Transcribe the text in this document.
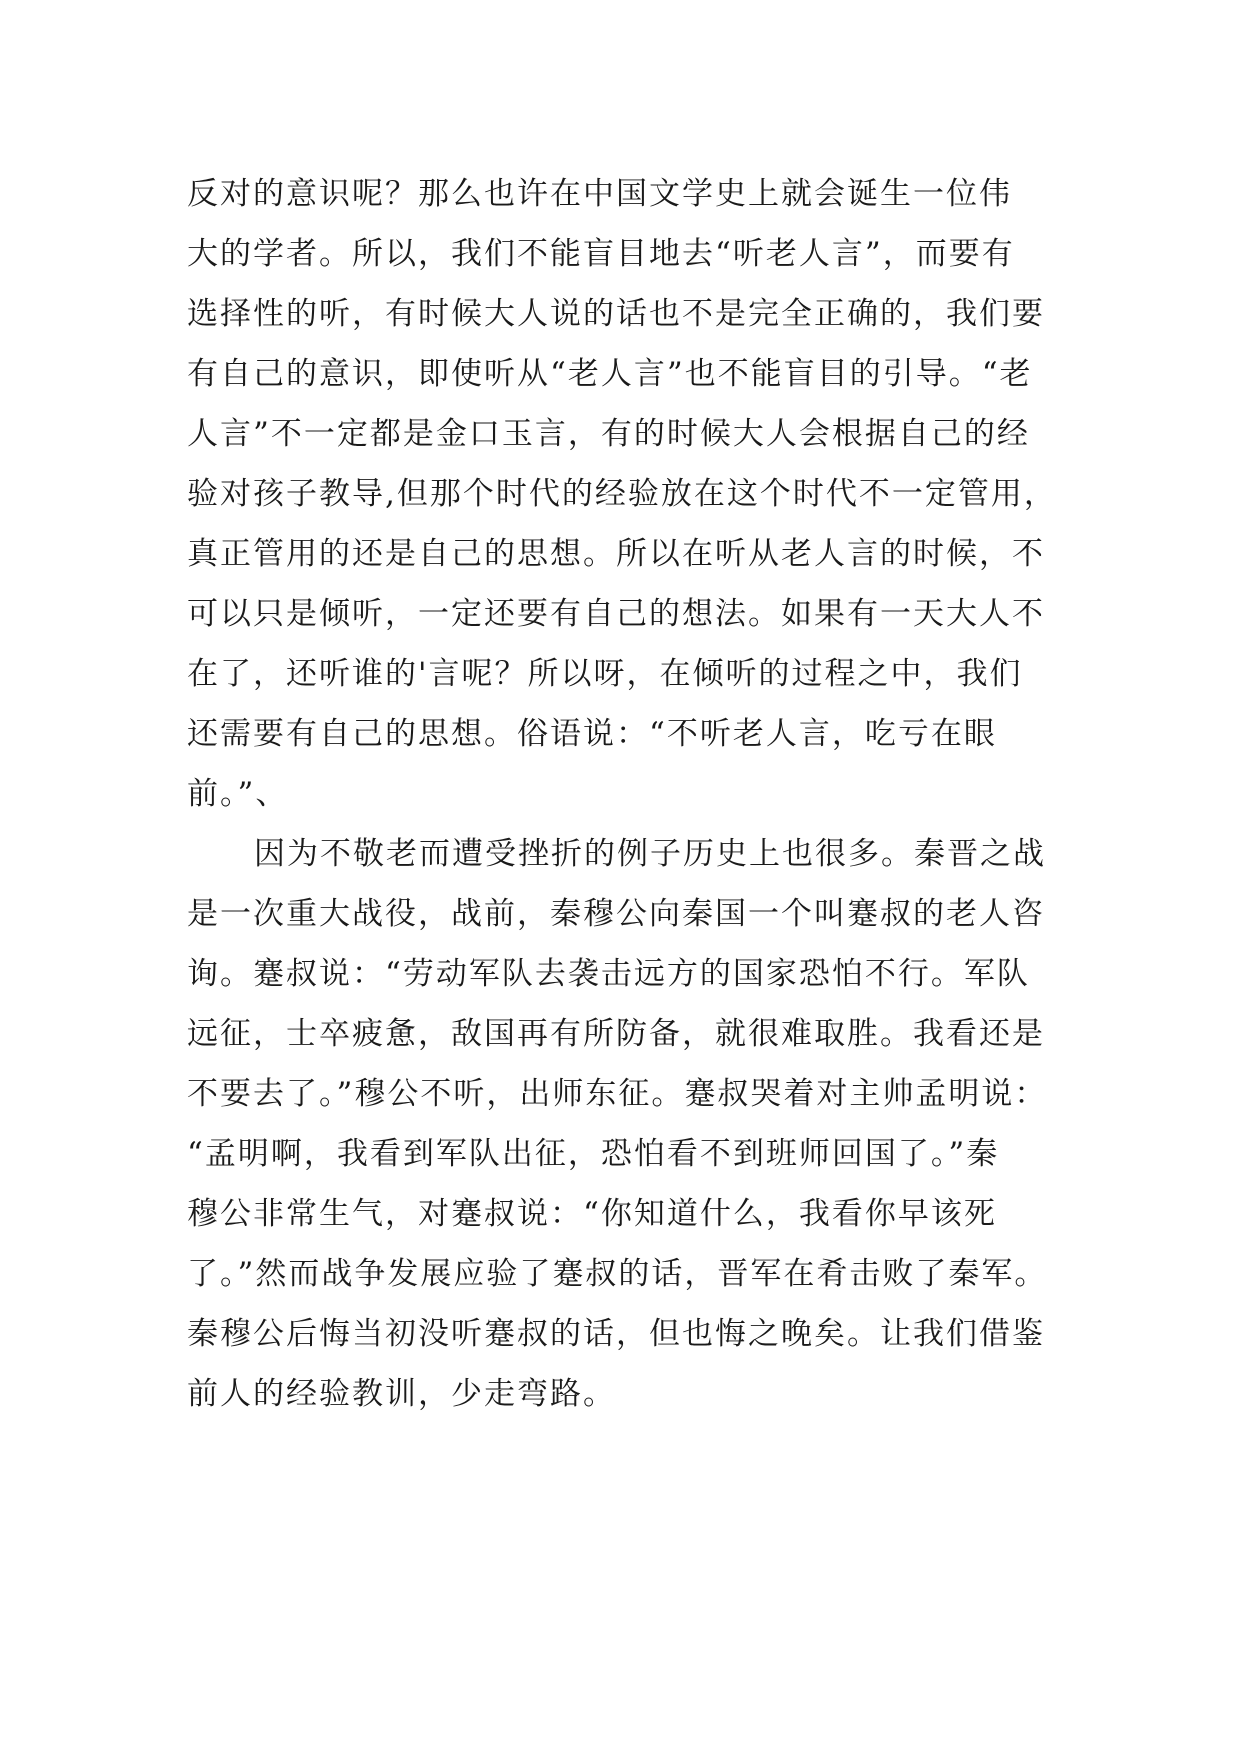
反对的意识呢？那么也许在中国文学史上就会诞生一位伟
大的学者。所以，我们不能盲目地去“听老人言”，而要有
选择性的听，有时候大人说的话也不是完全正确的，我们要
有自己的意识，即使听从“老人言”也不能盲目的引导。“老
人言”不一定都是金口玉言，有的时候大人会根据自己的经
验对孩子教导,但那个时代的经验放在这个时代不一定管用，
真正管用的还是自己的思想。所以在听从老人言的时候，不
可以只是倾听，一定还要有自己的想法。如果有一天大人不
在了，还听谁的'言呢？所以呀，在倾听的过程之中，我们
还需要有自己的思想。俗语说：“不听老人言，吃亏在眼
前。”、
因为不敬老而遭受挫折的例子历史上也很多。秦晋之战
是一次重大战役，战前，秦穆公向秦国一个叫蹇叔的老人咨
询。蹇叔说：“劳动军队去袭击远方的国家恐怕不行。军队
远征，士卒疲惫，敌国再有所防备，就很难取胜。我看还是
不要去了。”穆公不听，出师东征。蹇叔哭着对主帅孟明说：
“孟明啊，我看到军队出征，恐怕看不到班师回国了。”秦
穆公非常生气，对蹇叔说：“你知道什么，我看你早该死
了。”然而战争发展应验了蹇叔的话，晋军在肴击败了秦军。
秦穆公后悔当初没听蹇叔的话，但也悔之晚矣。让我们借鉴
前人的经验教训，少走弯路。
